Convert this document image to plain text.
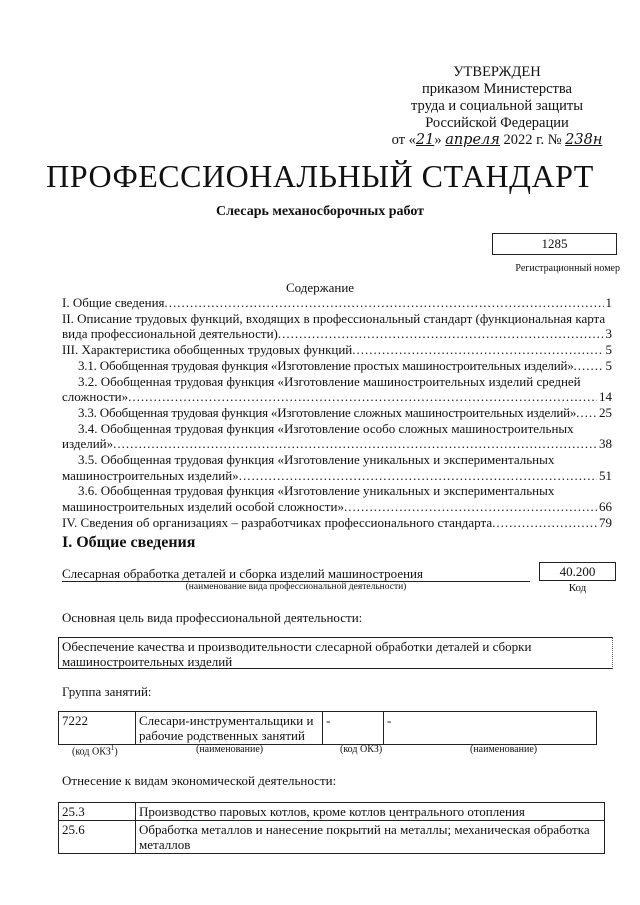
УТВЕРЖДЕН
приказом Министерства
труда и социальной защиты
Российской Федерации
от «21» апреля 2022 г. № 238н
ПРОФЕССИОНАЛЬНЫЙ СТАНДАРТ
Слесарь механосборочных работ
1285
Регистрационный номер
Содержание
I. Общие сведения .....	1
II. Описание трудовых функций, входящих в профессиональный стандарт (функциональная карта
вида профессиональной деятельности) .....	3
III. Характеристика обобщенных трудовых функций .....	5
3.1. Обобщенная трудовая функция «Изготовление простых машиностроительных изделий» ..... 5
3.2. Обобщенная трудовая функция «Изготовление машиностроительных изделий средней
сложности» .....	14
3.3. Обобщенная трудовая функция «Изготовление сложных машиностроительных изделий» ..... 25
3.4. Обобщенная трудовая функция «Изготовление особо сложных машиностроительных
изделий» .....	38
3.5. Обобщенная трудовая функция «Изготовление уникальных и экспериментальных
машиностроительных изделий» .....	51
3.6. Обобщенная трудовая функция «Изготовление уникальных и экспериментальных
машиностроительных изделий особой сложности» .....	66
IV. Сведения об организациях – разработчиках профессионального стандарта .....	79
I. Общие сведения
Слесарная обработка деталей и сборка изделий машиностроения
(наименование вида профессиональной деятельности)
40.200
Код
Основная цель вида профессиональной деятельности:
Обеспечение качества и производительности слесарной обработки деталей и сборки машиностроительных изделий
Группа занятий:
7222	Слесари-инструментальщики и рабочие родственных занятий	-	-
(код ОКЗ$^1$)	(наименование)	(код ОКЗ)	(наименование)
Отнесение к видам экономической деятельности:
25.3	Производство паровых котлов, кроме котлов центрального отопления
25.6	Обработка металлов и нанесение покрытий на металлы; механическая обработка металлов
